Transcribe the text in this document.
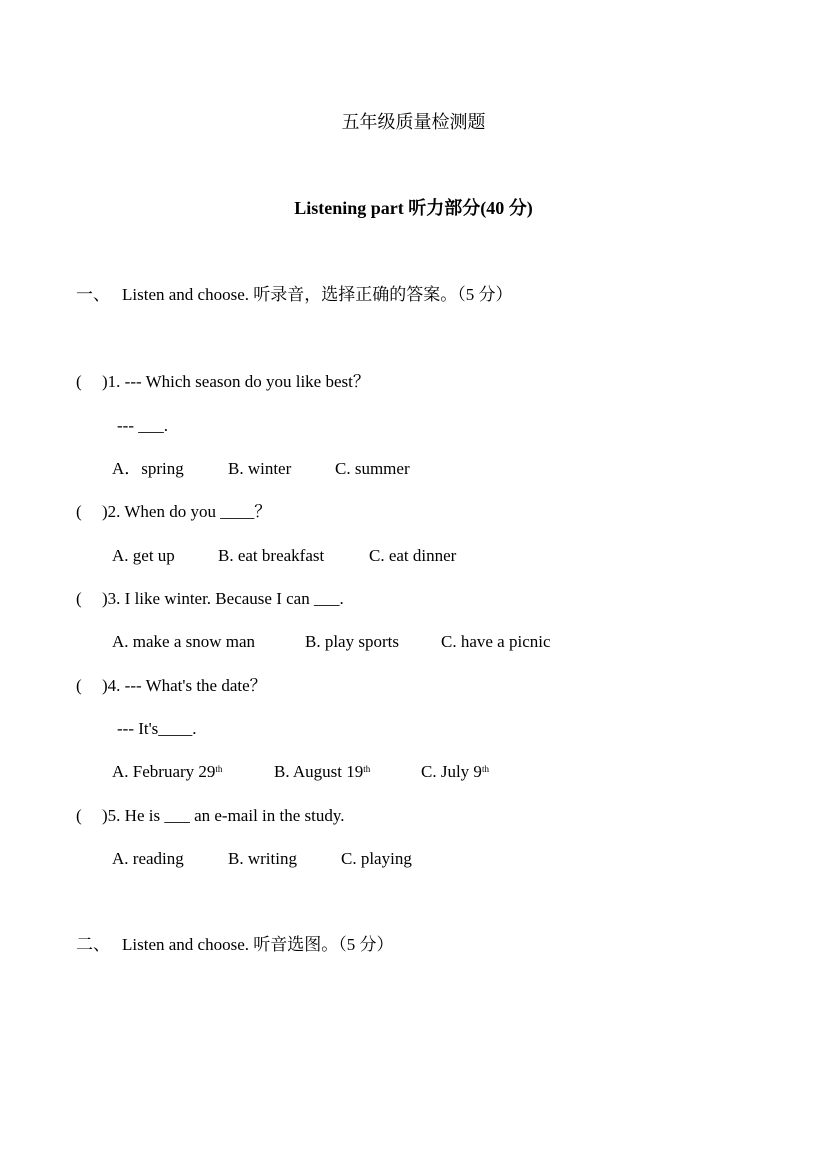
五年级质量检测题
Listening part 听力部分(40 分)
一、 Listen and choose. 听录音，选择正确的答案。（5 分）
( )1. --- Which season do you like best？
--- ___.
A．spring	B. winter	C. summer
( )2. When do you ____？
A. get up	B. eat breakfast	C. eat dinner
( )3. I like winter. Because I can ___.
A. make a snow man	B. play sports C. have a picnic
( )4. --- What's the date？
--- It's____.
A. February 29th	B. August 19th	C. July 9th
( )5. He is ___ an e-mail in the study.
A. reading	B. writing	C. playing
二、 Listen and choose. 听音选图。（5 分）
